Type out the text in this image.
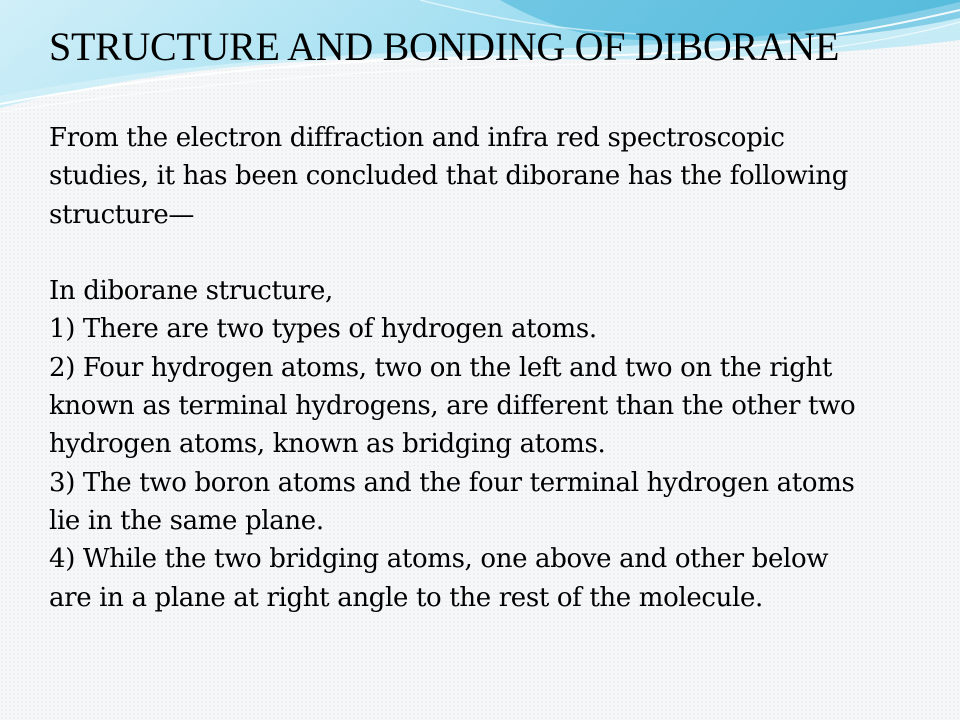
STRUCTURE AND BONDING OF DIBORANE
From the electron diffraction and infra red spectroscopic
studies, it has been concluded that diborane has the following
structure—
In diborane structure,
1) There are two types of hydrogen atoms.
2) Four hydrogen atoms, two on the left and two on the right
known as terminal hydrogens, are different than the other two
hydrogen atoms, known as bridging atoms.
3) The two boron atoms and the four terminal hydrogen atoms
lie in the same plane.
4) While the two bridging atoms, one above and other below
are in a plane at right angle to the rest of the molecule.
